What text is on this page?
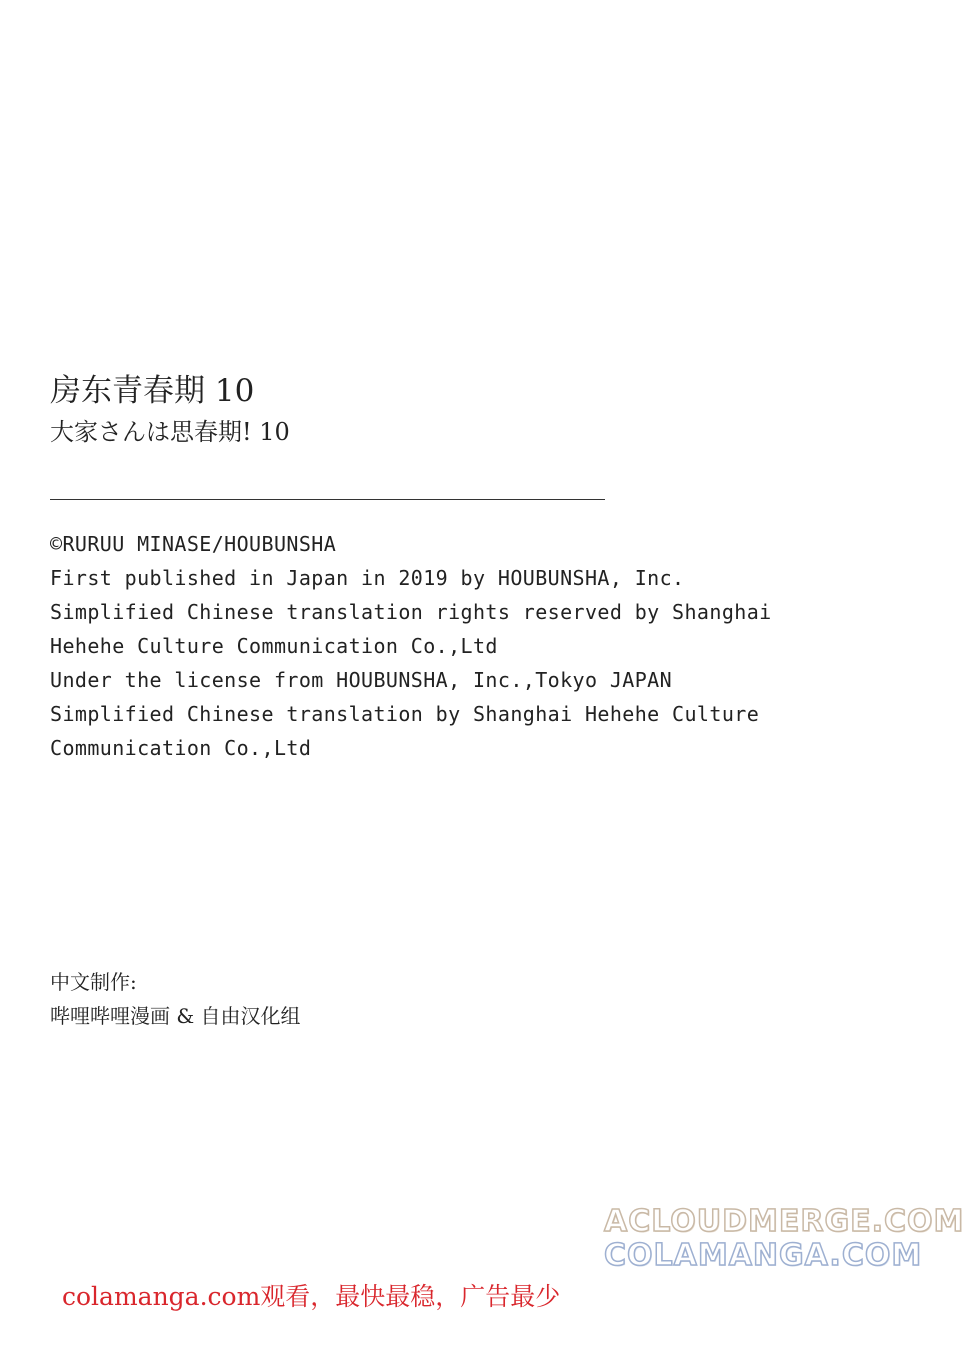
房东青春期 10
大家さんは思春期! 10
©RURUU MINASE/HOUBUNSHA
First published in Japan in 2019 by HOUBUNSHA, Inc.
Simplified Chinese translation rights reserved by Shanghai
Hehehe Culture Communication Co.,Ltd
Under the license from HOUBUNSHA, Inc.,Tokyo JAPAN
Simplified Chinese translation by Shanghai Hehehe Culture
Communication Co.,Ltd
中文制作:
哔哩哔哩漫画 & 自由汉化组
ACLOUDMERGE.COM
COLAMANGA.COM
colamanga.com观看，最快最稳，广告最少
